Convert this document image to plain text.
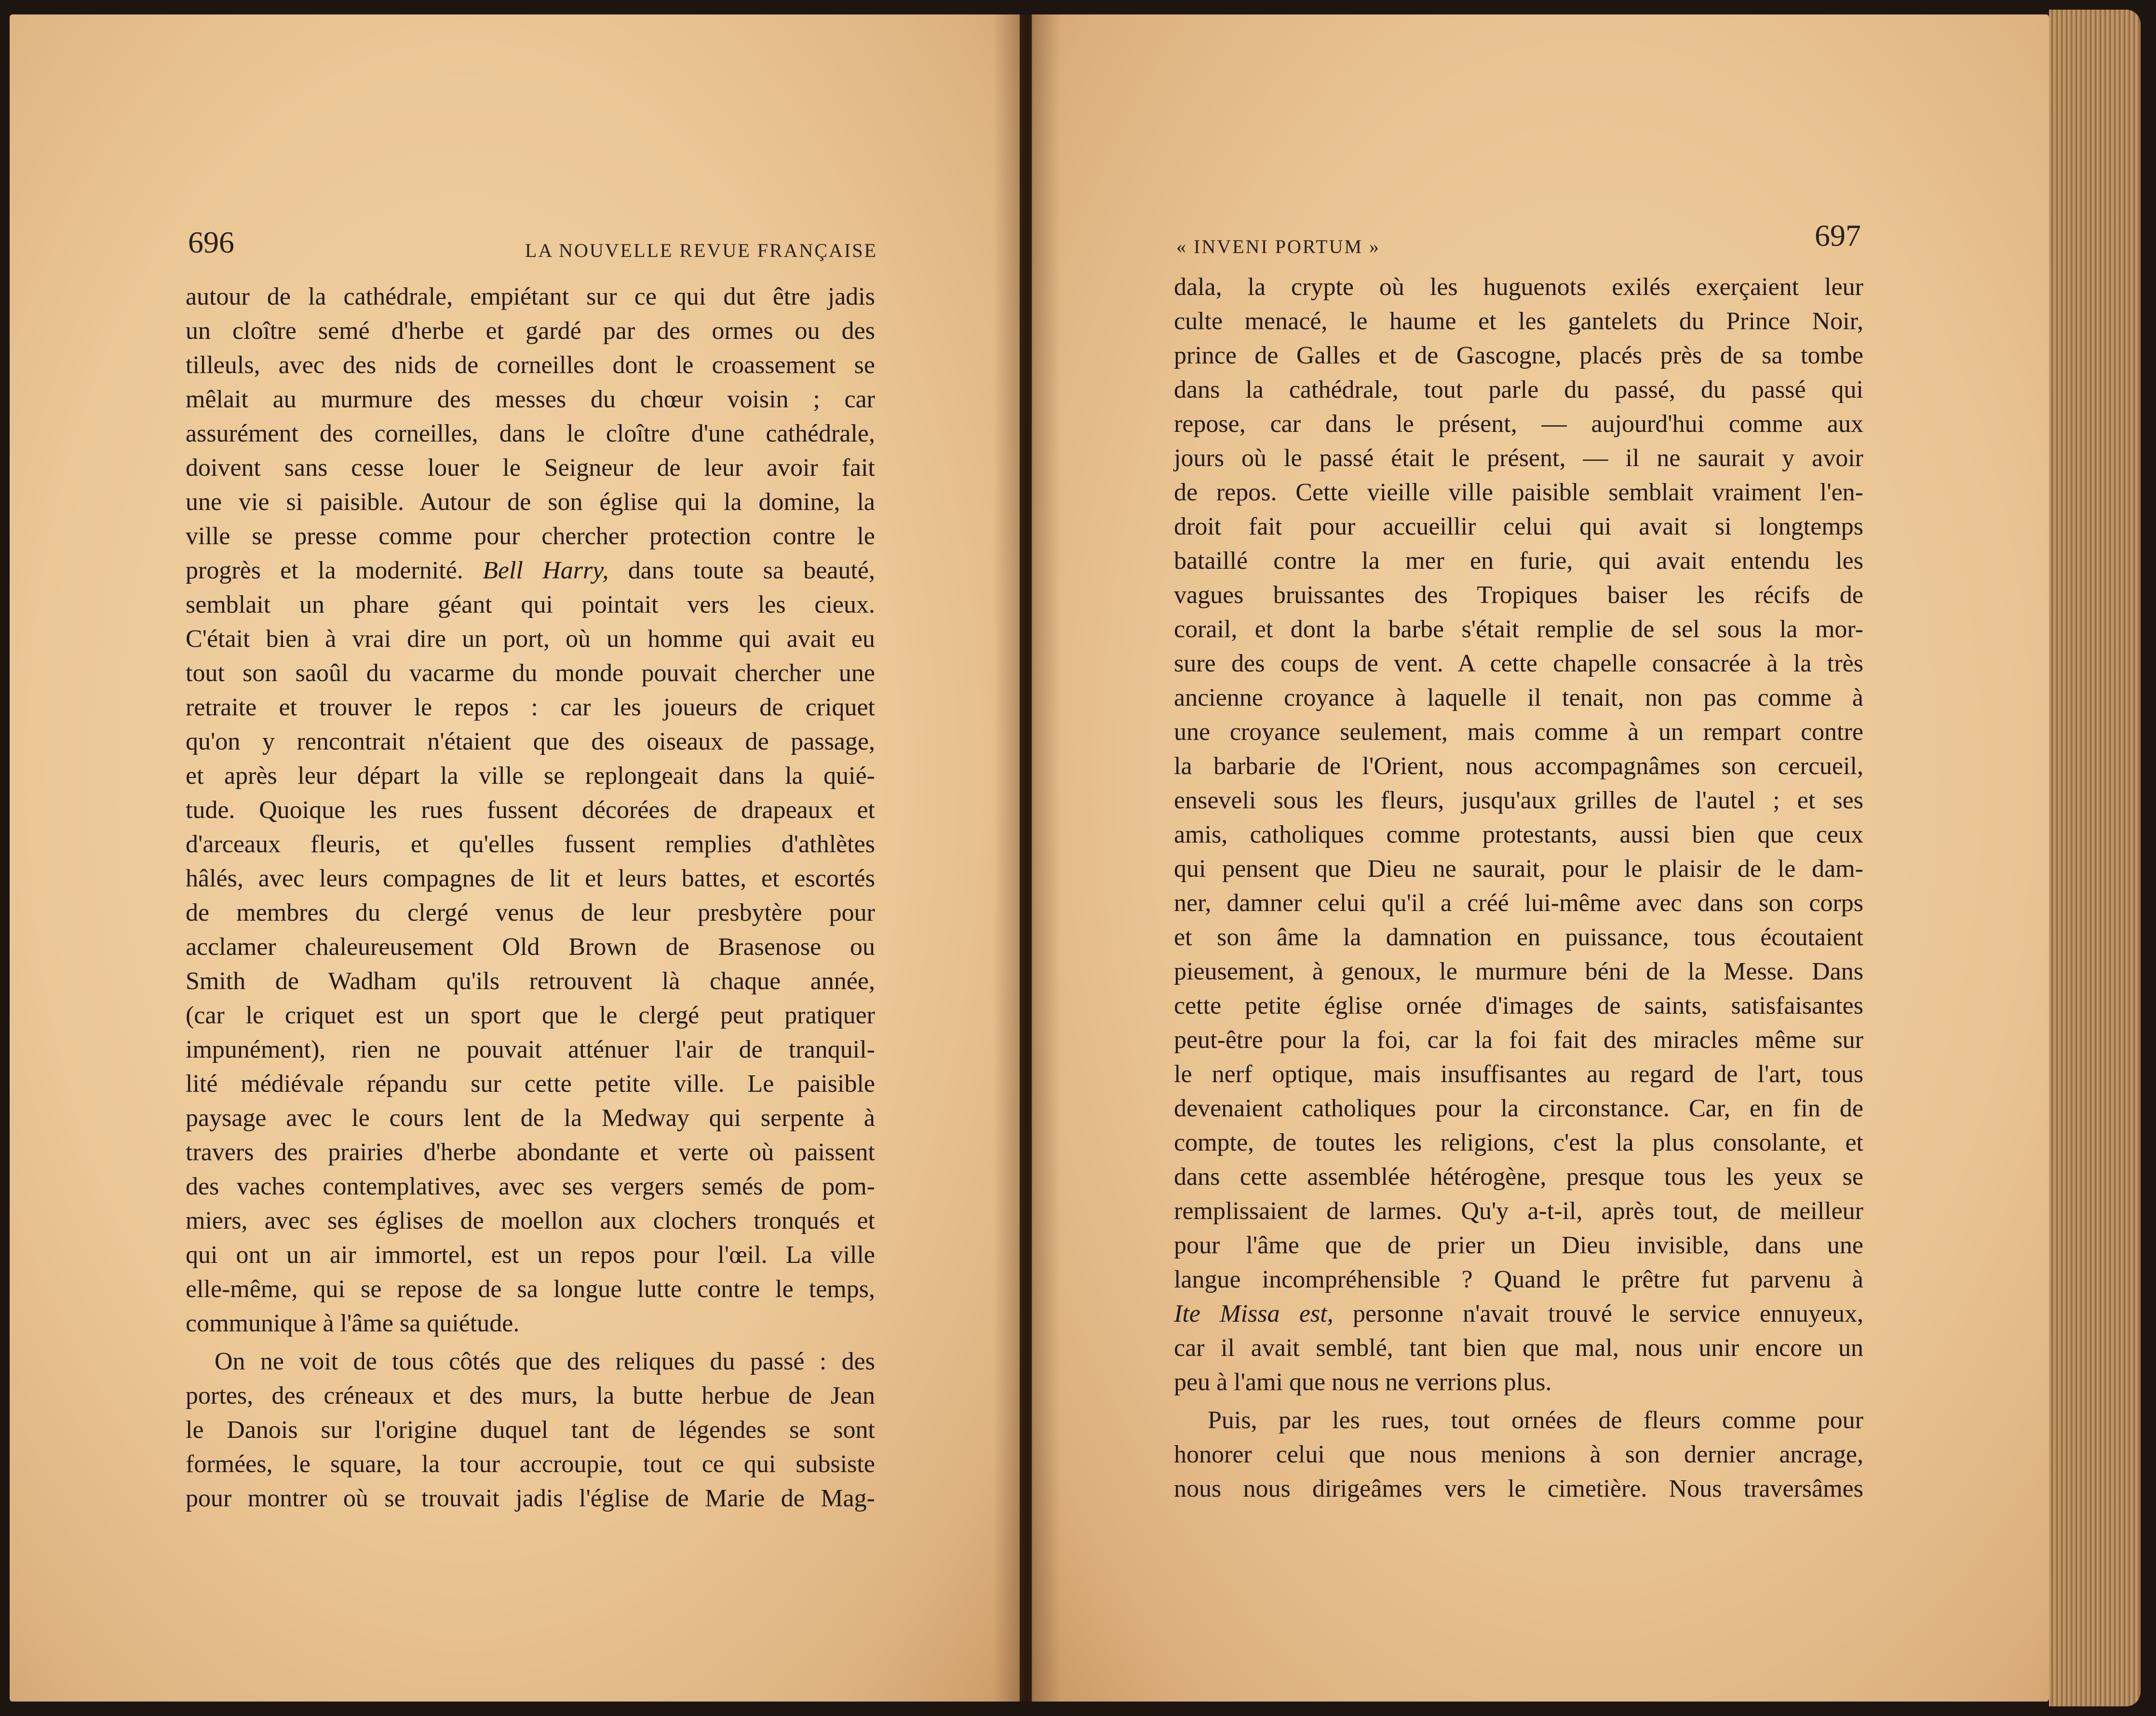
696	LA NOUVELLE REVUE FRANÇAISE	« INVENI PORTUM »	697
autour de la cathédrale, empiétant sur ce qui dut être jadis
un cloître semé d'herbe et gardé par des ormes ou des
tilleuls, avec des nids de corneilles dont le croassement se
mêlait au murmure des messes du chœur voisin ; car
assurément des corneilles, dans le cloître d'une cathédrale,
doivent sans cesse louer le Seigneur de leur avoir fait
une vie si paisible. Autour de son église qui la domine, la
ville se presse comme pour chercher protection contre le
progrès et la modernité. Bell Harry, dans toute sa beauté,
semblait un phare géant qui pointait vers les cieux.
C'était bien à vrai dire un port, où un homme qui avait eu
tout son saoûl du vacarme du monde pouvait chercher une
retraite et trouver le repos : car les joueurs de criquet
qu'on y rencontrait n'étaient que des oiseaux de passage,
et après leur départ la ville se replongeait dans la quié-
tude. Quoique les rues fussent décorées de drapeaux et
d'arceaux fleuris, et qu'elles fussent remplies d'athlètes
hâlés, avec leurs compagnes de lit et leurs battes, et escortés
de membres du clergé venus de leur presbytère pour
acclamer chaleureusement Old Brown de Brasenose ou
Smith de Wadham qu'ils retrouvent là chaque année,
(car le criquet est un sport que le clergé peut pratiquer
impunément), rien ne pouvait atténuer l'air de tranquil-
lité médiévale répandu sur cette petite ville. Le paisible
paysage avec le cours lent de la Medway qui serpente à
travers des prairies d'herbe abondante et verte où paissent
des vaches contemplatives, avec ses vergers semés de pom-
miers, avec ses églises de moellon aux clochers tronqués et
qui ont un air immortel, est un repos pour l'œil. La ville
elle-même, qui se repose de sa longue lutte contre le temps,
communique à l'âme sa quiétude.
On ne voit de tous côtés que des reliques du passé : des
portes, des créneaux et des murs, la butte herbue de Jean
le Danois sur l'origine duquel tant de légendes se sont
formées, le square, la tour accroupie, tout ce qui subsiste
pour montrer où se trouvait jadis l'église de Marie de Mag-
dala, la crypte où les huguenots exilés exerçaient leur
culte menacé, le haume et les gantelets du Prince Noir,
prince de Galles et de Gascogne, placés près de sa tombe
dans la cathédrale, tout parle du passé, du passé qui
repose, car dans le présent, — aujourd'hui comme aux
jours où le passé était le présent, — il ne saurait y avoir
de repos. Cette vieille ville paisible semblait vraiment l'en-
droit fait pour accueillir celui qui avait si longtemps
bataillé contre la mer en furie, qui avait entendu les
vagues bruissantes des Tropiques baiser les récifs de
corail, et dont la barbe s'était remplie de sel sous la mor-
sure des coups de vent. A cette chapelle consacrée à la très
ancienne croyance à laquelle il tenait, non pas comme à
une croyance seulement, mais comme à un rempart contre
la barbarie de l'Orient, nous accompagnâmes son cercueil,
enseveli sous les fleurs, jusqu'aux grilles de l'autel ; et ses
amis, catholiques comme protestants, aussi bien que ceux
qui pensent que Dieu ne saurait, pour le plaisir de le dam-
ner, damner celui qu'il a créé lui-même avec dans son corps
et son âme la damnation en puissance, tous écoutaient
pieusement, à genoux, le murmure béni de la Messe. Dans
cette petite église ornée d'images de saints, satisfaisantes
peut-être pour la foi, car la foi fait des miracles même sur
le nerf optique, mais insuffisantes au regard de l'art, tous
devenaient catholiques pour la circonstance. Car, en fin de
compte, de toutes les religions, c'est la plus consolante, et
dans cette assemblée hétérogène, presque tous les yeux se
remplissaient de larmes. Qu'y a-t-il, après tout, de meilleur
pour l'âme que de prier un Dieu invisible, dans une
langue incompréhensible ? Quand le prêtre fut parvenu à
Ite Missa est, personne n'avait trouvé le service ennuyeux,
car il avait semblé, tant bien que mal, nous unir encore un
peu à l'ami que nous ne verrions plus.
Puis, par les rues, tout ornées de fleurs comme pour
honorer celui que nous menions à son dernier ancrage,
nous nous dirigeâmes vers le cimetière. Nous traversâmes
